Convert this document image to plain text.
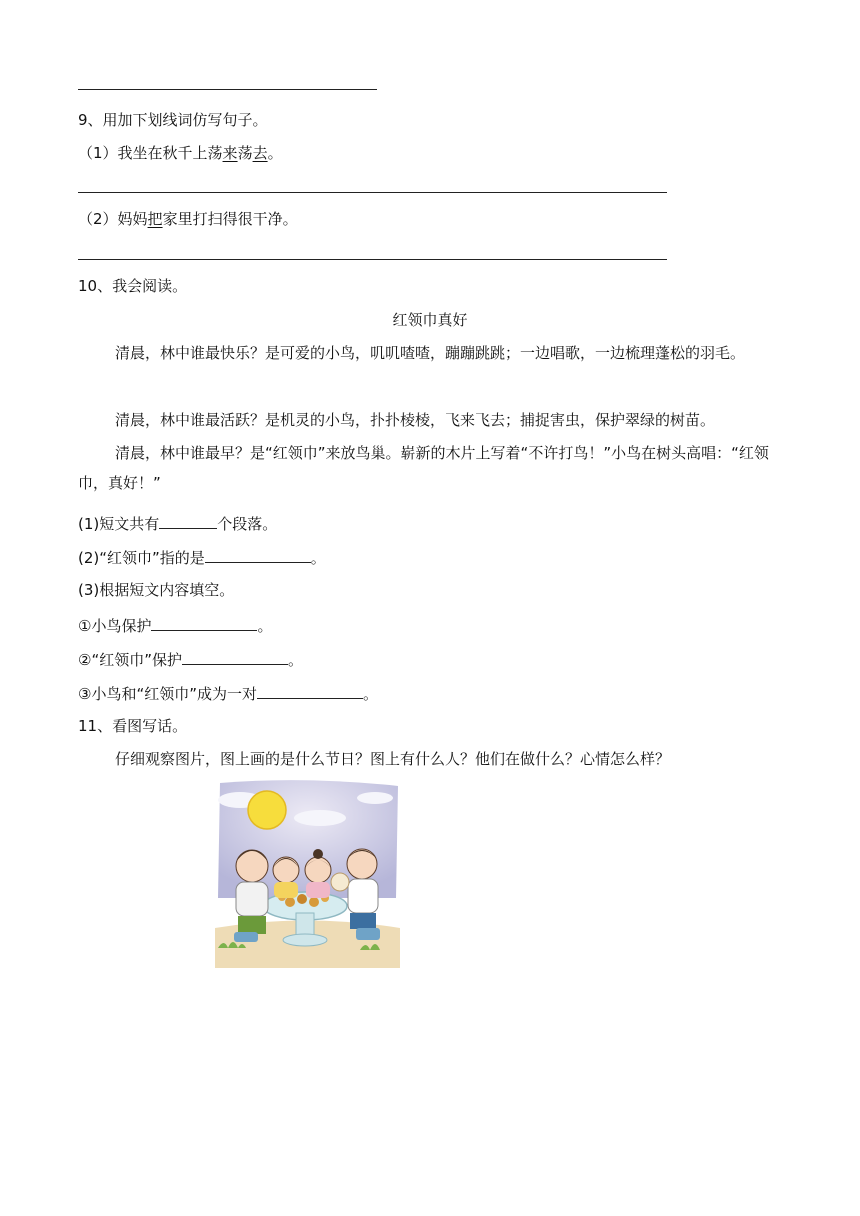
9、用加下划线词仿写句子。
（1）我坐在秋千上荡来荡去。
（2）妈妈把家里打扫得很干净。
10、我会阅读。
红领巾真好
清晨，林中谁最快乐？是可爱的小鸟，叽叽喳喳，蹦蹦跳跳；一边唱歌，一边梳理蓬松的羽毛。
清晨，林中谁最活跃？是机灵的小鸟，扑扑棱棱，飞来飞去；捕捉害虫，保护翠绿的树苗。
清晨，林中谁最早？是“红领巾”来放鸟巢。崭新的木片上写着“不许打鸟！”小鸟在树头高唱：“红领巾，真好！”
(1)短文共有	个段落。
(2)“红领巾”指的是	。
(3)根据短文内容填空。
①小鸟保护	。
②“红领巾”保护	。
③小鸟和“红领巾”成为一对	。
11、看图写话。
仔细观察图片，图上画的是什么节日？图上有什么人？他们在做什么？心情怎么样？
